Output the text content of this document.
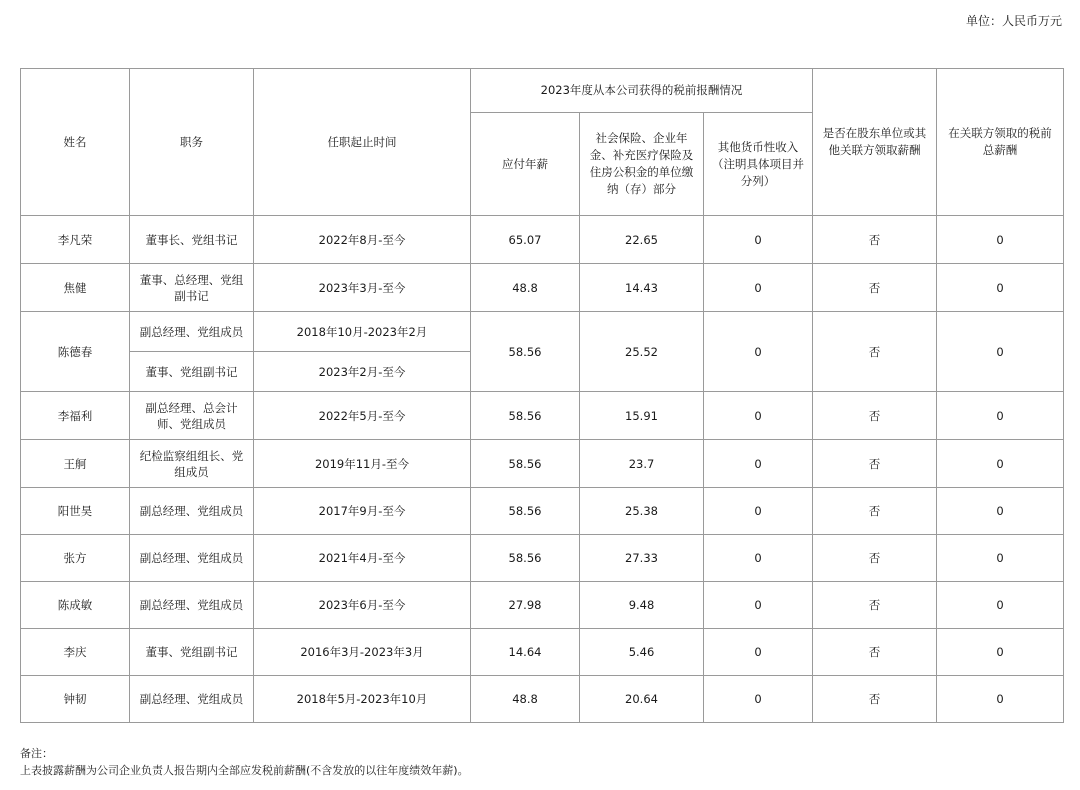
单位：人民币万元
姓名	职务	任职起止时间	2023年度从本公司获得的税前报酬情况			是否在股东单位或其他关联方领取薪酬	在关联方领取的税前总薪酬
			应付年薪	社会保险、企业年金、补充医疗保险及住房公积金的单位缴纳（存）部分	其他货币性收入（注明具体项目并分列）		
李凡荣	董事长、党组书记	2022年8月-至今	65.07	22.65	0	否	0
焦健	董事、总经理、党组副书记	2023年3月-至今	48.8	14.43	0	否	0
陈德春	副总经理、党组成员	2018年10月-2023年2月	58.56	25.52	0	否	0
	董事、党组副书记	2023年2月-至今					
李福利	副总经理、总会计师、党组成员	2022年5月-至今	58.56	15.91	0	否	0
王舸	纪检监察组组长、党组成员	2019年11月-至今	58.56	23.7	0	否	0
阳世昊	副总经理、党组成员	2017年9月-至今	58.56	25.38	0	否	0
张方	副总经理、党组成员	2021年4月-至今	58.56	27.33	0	否	0
陈成敏	副总经理、党组成员	2023年6月-至今	27.98	9.48	0	否	0
李庆	董事、党组副书记	2016年3月-2023年3月	14.64	5.46	0	否	0
钟韧	副总经理、党组成员	2018年5月-2023年10月	48.8	20.64	0	否	0
备注：
上表披露薪酬为公司企业负责人报告期内全部应发税前薪酬(不含发放的以往年度绩效年薪)。
